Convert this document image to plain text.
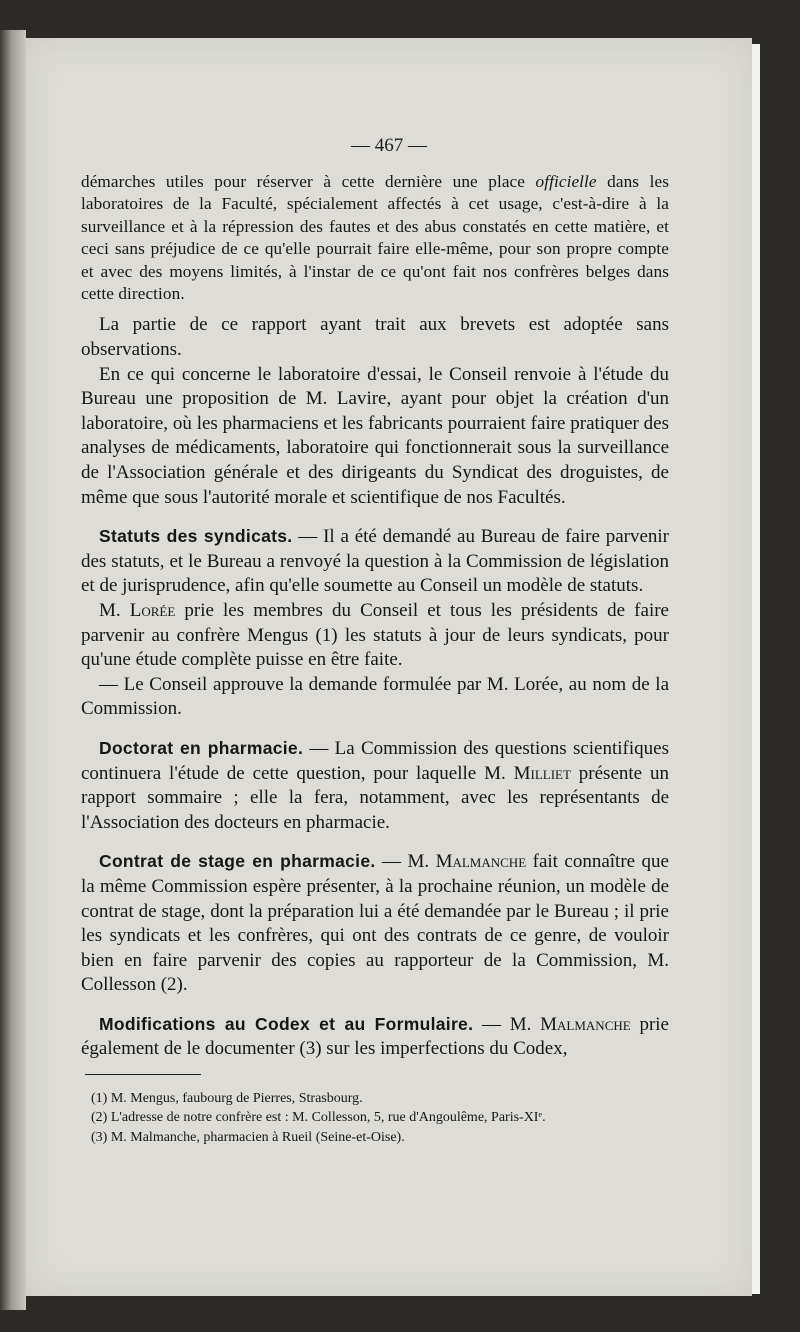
— 467 —

démarches utiles pour réserver à cette dernière une place officielle dans les laboratoires de la Faculté, spécialement affectés à cet usage, c'est-à-dire à la surveillance et à la répression des fautes et des abus constatés en cette matière, et ceci sans préjudice de ce qu'elle pourrait faire elle-même, pour son propre compte et avec des moyens limités, à l'instar de ce qu'ont fait nos confrères belges dans cette direction.

La partie de ce rapport ayant trait aux brevets est adoptée sans observations.

En ce qui concerne le laboratoire d'essai, le Conseil renvoie à l'étude du Bureau une proposition de M. Lavire, ayant pour objet la création d'un laboratoire, où les pharmaciens et les fabricants pourraient faire pratiquer des analyses de médicaments, laboratoire qui fonctionnerait sous la surveillance de l'Association générale et des dirigeants du Syndicat des droguistes, de même que sous l'autorité morale et scientifique de nos Facultés.

Statuts des syndicats. — Il a été demandé au Bureau de faire parvenir des statuts, et le Bureau a renvoyé la question à la Commission de législation et de jurisprudence, afin qu'elle soumette au Conseil un modèle de statuts.

M. Lorée prie les membres du Conseil et tous les présidents de faire parvenir au confrère Mengus (1) les statuts à jour de leurs syndicats, pour qu'une étude complète puisse en être faite.

— Le Conseil approuve la demande formulée par M. Lorée, au nom de la Commission.

Doctorat en pharmacie. — La Commission des questions scientifiques continuera l'étude de cette question, pour laquelle M. Milliet présente un rapport sommaire ; elle la fera, notamment, avec les représentants de l'Association des docteurs en pharmacie.

Contrat de stage en pharmacie. — M. Malmanche fait connaître que la même Commission espère présenter, à la prochaine réunion, un modèle de contrat de stage, dont la préparation lui a été demandée par le Bureau ; il prie les syndicats et les confrères, qui ont des contrats de ce genre, de vouloir bien en faire parvenir des copies au rapporteur de la Commission, M. Collesson (2).

Modifications au Codex et au Formulaire. — M. Malmanche prie également de le documenter (3) sur les imperfections du Codex,

(1) M. Mengus, faubourg de Pierres, Strasbourg.

(2) L'adresse de notre confrère est : M. Collesson, 5, rue d'Angoulême, Paris-XIᵉ.

(3) M. Malmanche, pharmacien à Rueil (Seine-et-Oise).
